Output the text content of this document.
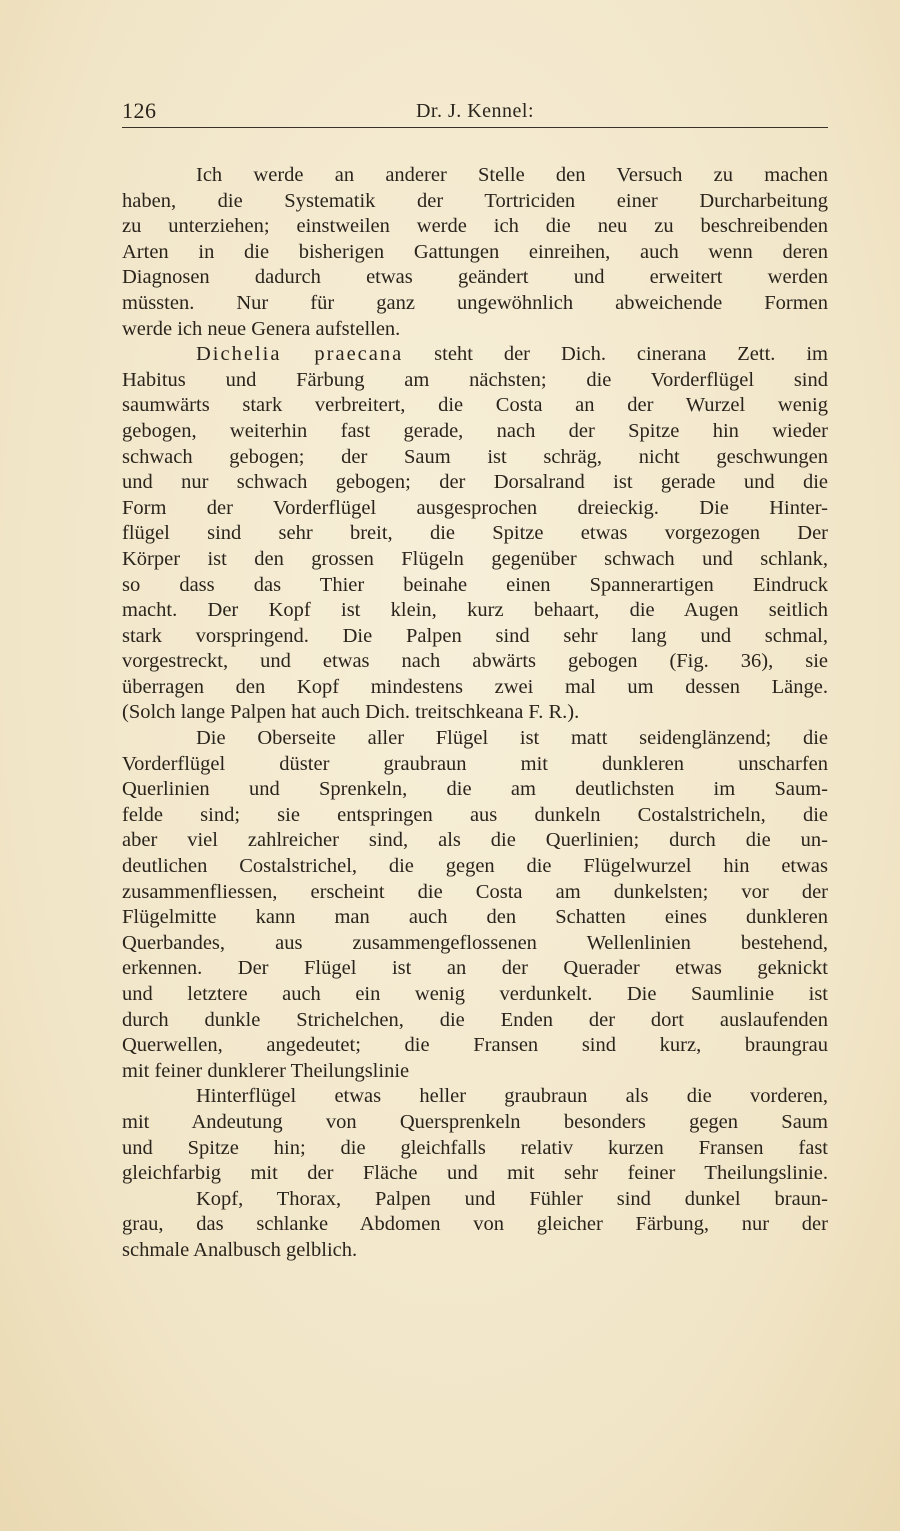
126	Dr. J. Kennel:
Ich werde an anderer Stelle den Versuch zu machen
haben, die Systematik der Tortriciden einer Durcharbeitung
zu unterziehen; einstweilen werde ich die neu zu beschreibenden
Arten in die bisherigen Gattungen einreihen, auch wenn deren
Diagnosen dadurch etwas geändert und erweitert werden
müssten. Nur für ganz ungewöhnlich abweichende Formen
werde ich neue Genera aufstellen.
Dichelia praecana steht der Dich. cinerana Zett. im
Habitus und Färbung am nächsten; die Vorderflügel sind
saumwärts stark verbreitert, die Costa an der Wurzel wenig
gebogen, weiterhin fast gerade, nach der Spitze hin wieder
schwach gebogen; der Saum ist schräg, nicht geschwungen
und nur schwach gebogen; der Dorsalrand ist gerade und die
Form der Vorderflügel ausgesprochen dreieckig. Die Hinter-
flügel sind sehr breit, die Spitze etwas vorgezogen Der
Körper ist den grossen Flügeln gegenüber schwach und schlank,
so dass das Thier beinahe einen Spannerartigen Eindruck
macht. Der Kopf ist klein, kurz behaart, die Augen seitlich
stark vorspringend. Die Palpen sind sehr lang und schmal,
vorgestreckt, und etwas nach abwärts gebogen (Fig. 36), sie
überragen den Kopf mindestens zwei mal um dessen Länge.
(Solch lange Palpen hat auch Dich. treitschkeana F. R.).
Die Oberseite aller Flügel ist matt seidenglänzend; die
Vorderflügel düster graubraun mit dunkleren unscharfen
Querlinien und Sprenkeln, die am deutlichsten im Saum-
felde sind; sie entspringen aus dunkeln Costalstricheln, die
aber viel zahlreicher sind, als die Querlinien; durch die un-
deutlichen Costalstrichel, die gegen die Flügelwurzel hin etwas
zusammenfliessen, erscheint die Costa am dunkelsten; vor der
Flügelmitte kann man auch den Schatten eines dunkleren
Querbandes, aus zusammengeflossenen Wellenlinien bestehend,
erkennen. Der Flügel ist an der Querader etwas geknickt
und letztere auch ein wenig verdunkelt. Die Saumlinie ist
durch dunkle Strichelchen, die Enden der dort auslaufenden
Querwellen, angedeutet; die Fransen sind kurz, braungrau
mit feiner dunklerer Theilungslinie
Hinterflügel etwas heller graubraun als die vorderen,
mit Andeutung von Quersprenkeln besonders gegen Saum
und Spitze hin; die gleichfalls relativ kurzen Fransen fast
gleichfarbig mit der Fläche und mit sehr feiner Theilungslinie.
Kopf, Thorax, Palpen und Fühler sind dunkel braun-
grau, das schlanke Abdomen von gleicher Färbung, nur der
schmale Analbusch gelblich.
